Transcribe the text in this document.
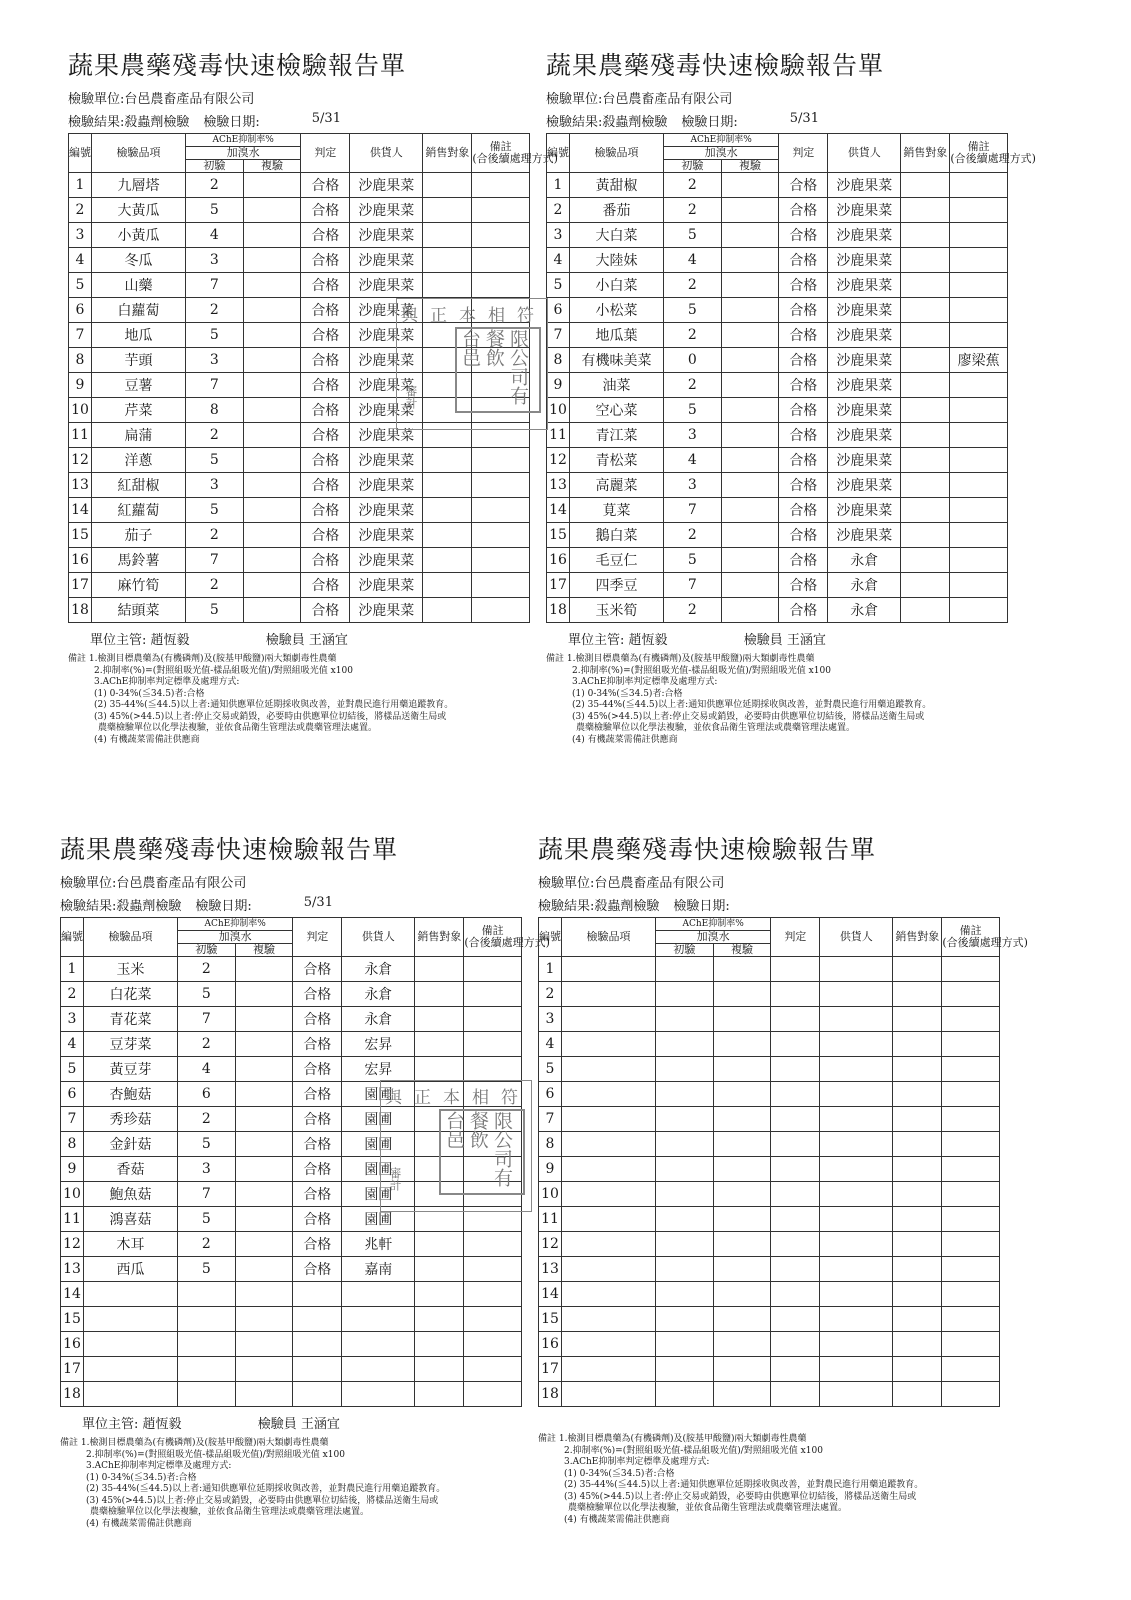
蔬果農藥殘毒快速檢驗報告單
檢驗單位:台邑農畜產品有限公司
檢驗結果:殺蟲劑檢驗 檢驗日期:	5/31
編號	檢驗品項	AChE抑制率%		判定	供貨人	銷售對象	備註
(合後續處理方式)

		加溴水					
		初驗	複驗				
1	九層塔	2		合格	沙鹿果菜		
2	大黃瓜	5		合格	沙鹿果菜		
3	小黃瓜	4		合格	沙鹿果菜		
4	冬瓜	3		合格	沙鹿果菜		
5	山藥	7		合格	沙鹿果菜		
6	白蘿蔔	2		合格	沙鹿果菜		
7	地瓜	5		合格	沙鹿果菜		
8	芋頭	3		合格	沙鹿果菜		
9	豆薯	7		合格	沙鹿果菜		
10	芹菜	8		合格	沙鹿果菜		
11	扁蒲	2		合格	沙鹿果菜		
12	洋蔥	5		合格	沙鹿果菜		
13	紅甜椒	3		合格	沙鹿果菜		
14	紅蘿蔔	5		合格	沙鹿果菜		
15	茄子	2		合格	沙鹿果菜		
16	馬鈴薯	7		合格	沙鹿果菜		
17	麻竹筍	2		合格	沙鹿果菜		
18	結頭菜	5		合格	沙鹿果菜		
單位主管: 趙恆毅	檢驗員 王涵宜
備註 1.檢測目標農藥為(有機磷劑)及(胺基甲酸鹽)兩大類劇毒性農藥
2.抑制率(%)=(對照組吸光值-樣品組吸光值)/對照組吸光值 x100
3.AChE抑制率判定標準及處理方式:
(1) 0-34%(≦34.5)者:合格
(2) 35-44%(≦44.5)以上者:通知供應單位延期採收與改善，並對農民進行用藥追蹤教育。
(3) 45%(>44.5)以上者:停止交易或銷毀，必要時由供應單位切結後，將樣品送衛生局或
農藥檢驗單位以化學法複驗，並依食品衛生管理法或農藥管理法處置。
(4) 有機蔬菜需備註供應商
蔬果農藥殘毒快速檢驗報告單
檢驗單位:台邑農畜產品有限公司
檢驗結果:殺蟲劑檢驗 檢驗日期:	5/31
編號	檢驗品項	AChE抑制率%		判定	供貨人	銷售對象	備註
(合後續處理方式)

		加溴水					
		初驗	複驗				
1	黃甜椒	2		合格	沙鹿果菜		
2	番茄	2		合格	沙鹿果菜		
3	大白菜	5		合格	沙鹿果菜		
4	大陸妹	4		合格	沙鹿果菜		
5	小白菜	2		合格	沙鹿果菜		
6	小松菜	5		合格	沙鹿果菜		
7	地瓜葉	2		合格	沙鹿果菜		
8	有機味美菜	0		合格	沙鹿果菜		廖梁蕉
9	油菜	2		合格	沙鹿果菜		
10	空心菜	5		合格	沙鹿果菜		
11	青江菜	3		合格	沙鹿果菜		
12	青松菜	4		合格	沙鹿果菜		
13	高麗菜	3		合格	沙鹿果菜		
14	莧菜	7		合格	沙鹿果菜		
15	鵝白菜	2		合格	沙鹿果菜		
16	毛豆仁	5		合格	永倉		
17	四季豆	7		合格	永倉		
18	玉米筍	2		合格	永倉		
單位主管: 趙恆毅	檢驗員 王涵宜
備註 1.檢測目標農藥為(有機磷劑)及(胺基甲酸鹽)兩大類劇毒性農藥
2.抑制率(%)=(對照組吸光值-樣品組吸光值)/對照組吸光值 x100
3.AChE抑制率判定標準及處理方式:
(1) 0-34%(≦34.5)者:合格
(2) 35-44%(≦44.5)以上者:通知供應單位延期採收與改善，並對農民進行用藥追蹤教育。
(3) 45%(>44.5)以上者:停止交易或銷毀，必要時由供應單位切結後，將樣品送衛生局或
農藥檢驗單位以化學法複驗，並依食品衛生管理法或農藥管理法處置。
(4) 有機蔬菜需備註供應商
蔬果農藥殘毒快速檢驗報告單
檢驗單位:台邑農畜產品有限公司
檢驗結果:殺蟲劑檢驗 檢驗日期:	5/31
編號	檢驗品項	AChE抑制率%		判定	供貨人	銷售對象	備註
(合後續處理方式)

		加溴水					
		初驗	複驗				
1	玉米	2		合格	永倉		
2	白花菜	5		合格	永倉		
3	青花菜	7		合格	永倉		
4	豆芽菜	2		合格	宏昇		
5	黃豆芽	4		合格	宏昇		
6	杏鮑菇	6		合格	園圃		
7	秀珍菇	2		合格	園圃		
8	金針菇	5		合格	園圃		
9	香菇	3		合格	園圃		
10	鮑魚菇	7		合格	園圃		
11	鴻喜菇	5		合格	園圃		
12	木耳	2		合格	兆軒		
13	西瓜	5		合格	嘉南		
14							
15							
16							
17							
18							
單位主管: 趙恆毅	檢驗員 王涵宜
備註 1.檢測目標農藥為(有機磷劑)及(胺基甲酸鹽)兩大類劇毒性農藥
2.抑制率(%)=(對照組吸光值-樣品組吸光值)/對照組吸光值 x100
3.AChE抑制率判定標準及處理方式:
(1) 0-34%(≦34.5)者:合格
(2) 35-44%(≦44.5)以上者:通知供應單位延期採收與改善，並對農民進行用藥追蹤教育。
(3) 45%(>44.5)以上者:停止交易或銷毀，必要時由供應單位切結後，將樣品送衛生局或
農藥檢驗單位以化學法複驗，並依食品衛生管理法或農藥管理法處置。
(4) 有機蔬菜需備註供應商
蔬果農藥殘毒快速檢驗報告單
檢驗單位:台邑農畜產品有限公司
檢驗結果:殺蟲劑檢驗 檢驗日期:
編號	檢驗品項	AChE抑制率%		判定	供貨人	銷售對象	備註
(合後續處理方式)

		加溴水					
		初驗	複驗				
1							
2							
3							
4							
5							
6							
7							
8							
9							
10							
11							
12							
13							
14							
15							
16							
17							
18							
備註 1.檢測目標農藥為(有機磷劑)及(胺基甲酸鹽)兩大類劇毒性農藥
2.抑制率(%)=(對照組吸光值-樣品組吸光值)/對照組吸光值 x100
3.AChE抑制率判定標準及處理方式:
(1) 0-34%(≦34.5)者:合格
(2) 35-44%(≦44.5)以上者:通知供應單位延期採收與改善，並對農民進行用藥追蹤教育。
(3) 45%(>44.5)以上者:停止交易或銷毀，必要時由供應單位切結後，將樣品送衛生局或
農藥檢驗單位以化學法複驗，並依食品衛生管理法或農藥管理法處置。
(4) 有機蔬菜需備註供應商
與正本相符
台邑 餐飲 限公司有
審計
與正本相符
台邑 餐飲 限公司有
審計
